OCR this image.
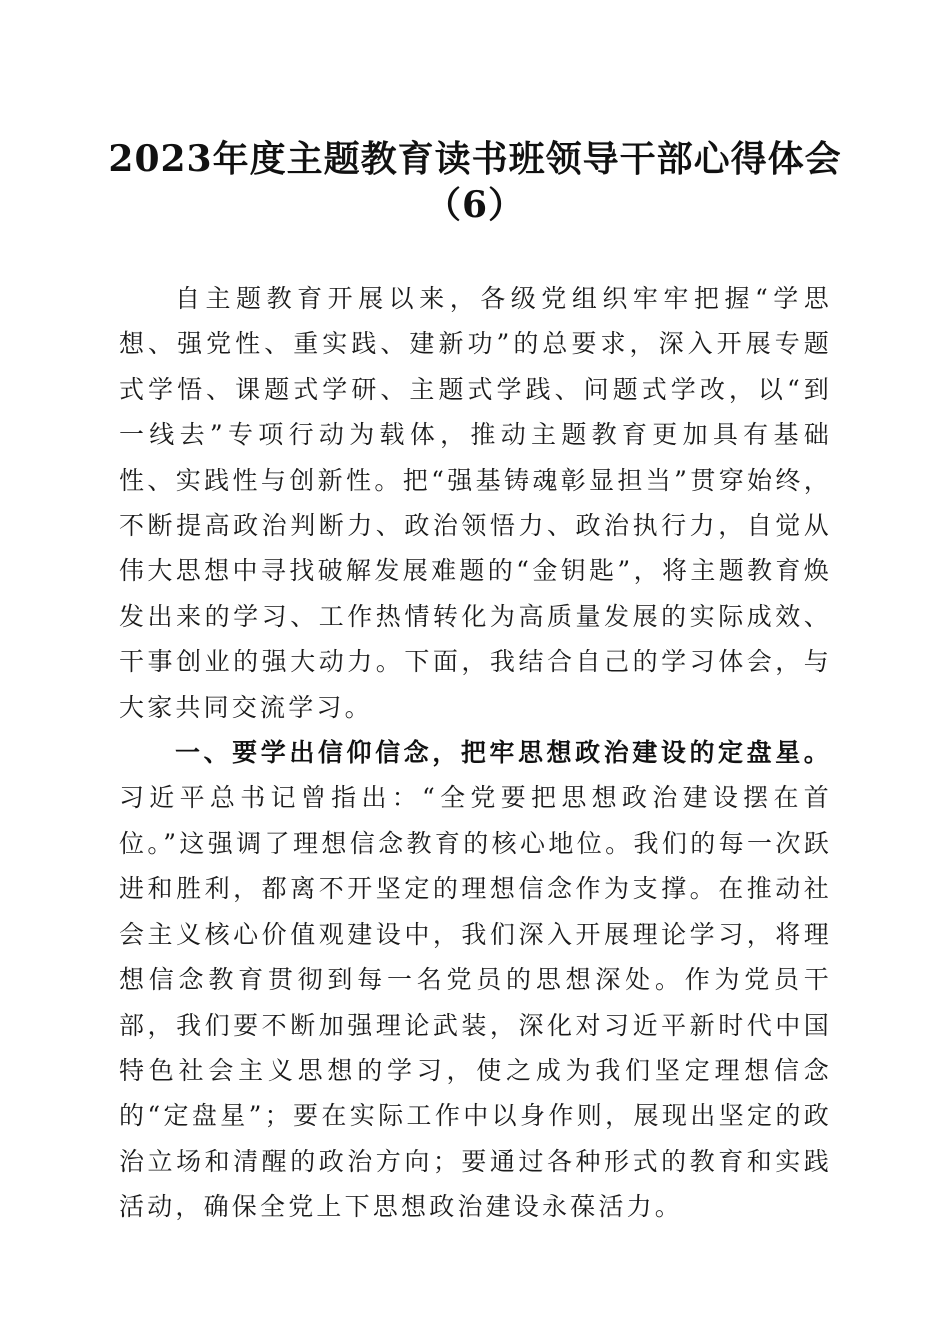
2023年度主题教育读书班领导干部心得体会
（6）

自主题教育开展以来，各级党组织牢牢把握“学思想、强党性、重实践、建新功”的总要求，深入开展专题式学悟、课题式学研、主题式学践、问题式学改，以“到一线去”专项行动为载体，推动主题教育更加具有基础性、实践性与创新性。把“强基铸魂彰显担当”贯穿始终，不断提高政治判断力、政治领悟力、政治执行力，自觉从伟大思想中寻找破解发展难题的“金钥匙”，将主题教育焕发出来的学习、工作热情转化为高质量发展的实际成效、干事创业的强大动力。下面，我结合自己的学习体会，与大家共同交流学习。

一、要学出信仰信念，把牢思想政治建设的定盘星。习近平总书记曾指出：“全党要把思想政治建设摆在首位。”这强调了理想信念教育的核心地位。我们的每一次跃进和胜利，都离不开坚定的理想信念作为支撑。在推动社会主义核心价值观建设中，我们深入开展理论学习，将理想信念教育贯彻到每一名党员的思想深处。作为党员干部，我们要不断加强理论武装，深化对习近平新时代中国特色社会主义思想的学习，使之成为我们坚定理想信念的“定盘星”；要在实际工作中以身作则，展现出坚定的政治立场和清醒的政治方向；要通过各种形式的教育和实践活动，确保全党上下思想政治建设永葆活力。
